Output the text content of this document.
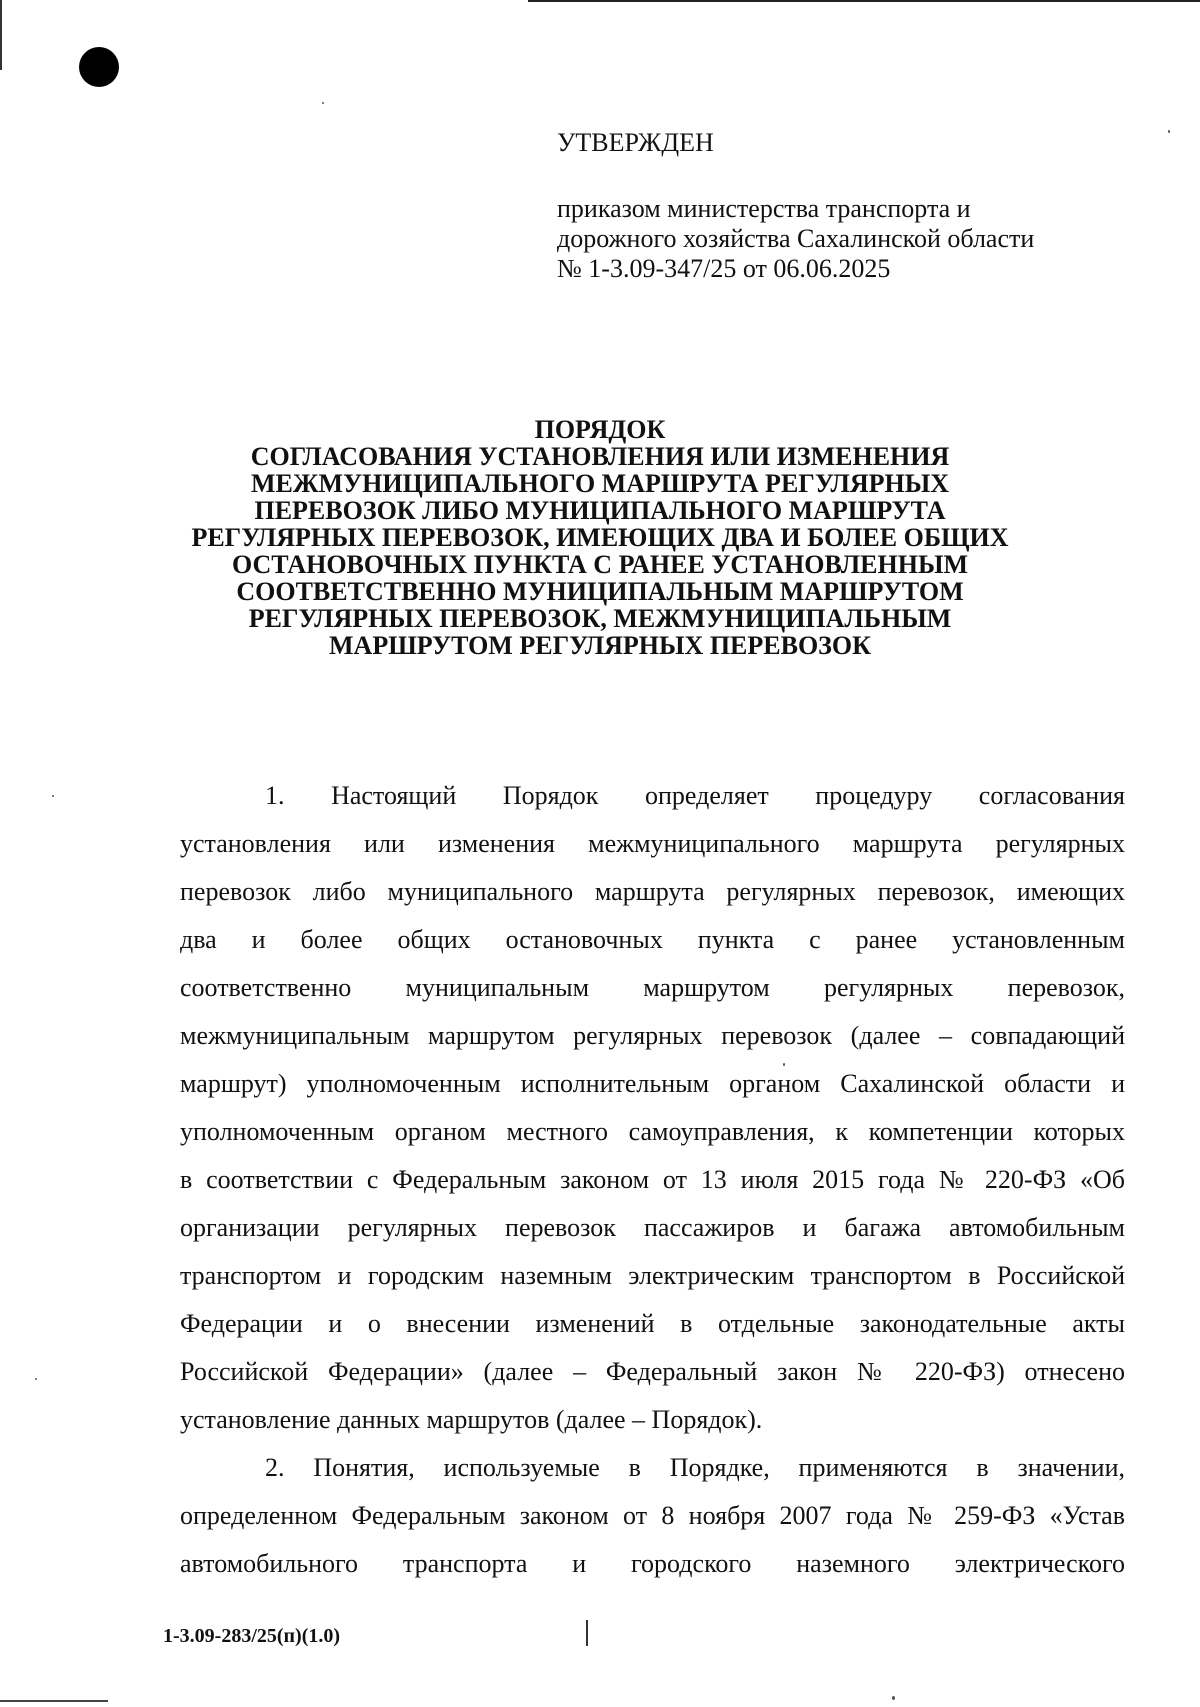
УТВЕРЖДЕН

приказом министерства транспорта и

дорожного хозяйства Сахалинской области

№ 1-3.09-347/25 от 06.06.2025

ПОРЯДОК

СОГЛАСОВАНИЯ УСТАНОВЛЕНИЯ ИЛИ ИЗМЕНЕНИЯ

МЕЖМУНИЦИПАЛЬНОГО МАРШРУТА РЕГУЛЯРНЫХ

ПЕРЕВОЗОК ЛИБО МУНИЦИПАЛЬНОГО МАРШРУТА

РЕГУЛЯРНЫХ ПЕРЕВОЗОК, ИМЕЮЩИХ ДВА И БОЛЕЕ ОБЩИХ

ОСТАНОВОЧНЫХ ПУНКТА С РАНЕЕ УСТАНОВЛЕННЫМ

СООТВЕТСТВЕННО МУНИЦИПАЛЬНЫМ МАРШРУТОМ

РЕГУЛЯРНЫХ ПЕРЕВОЗОК, МЕЖМУНИЦИПАЛЬНЫМ

МАРШРУТОМ РЕГУЛЯРНЫХ ПЕРЕВОЗОК

1. Настоящий Порядок определяет процедуру согласования

установления или изменения межмуниципального маршрута регулярных

перевозок либо муниципального маршрута регулярных перевозок, имеющих

два и более общих остановочных пункта с ранее установленным

соответственно муниципальным маршрутом регулярных перевозок,

межмуниципальным маршрутом регулярных перевозок (далее – совпадающий

маршрут) уполномоченным исполнительным органом Сахалинской области и

уполномоченным органом местного самоуправления, к компетенции которых

в соответствии с Федеральным законом от 13 июля 2015 года № 220-ФЗ «Об

организации регулярных перевозок пассажиров и багажа автомобильным

транспортом и городским наземным электрическим транспортом в Российской

Федерации и о внесении изменений в отдельные законодательные акты

Российской Федерации» (далее – Федеральный закон № 220-ФЗ) отнесено

установление данных маршрутов (далее – Порядок).

2. Понятия, используемые в Порядке, применяются в значении,

определенном Федеральным законом от 8 ноября 2007 года № 259-ФЗ «Устав

автомобильного транспорта и городского наземного электрического

1-3.09-283/25(п)(1.0)
